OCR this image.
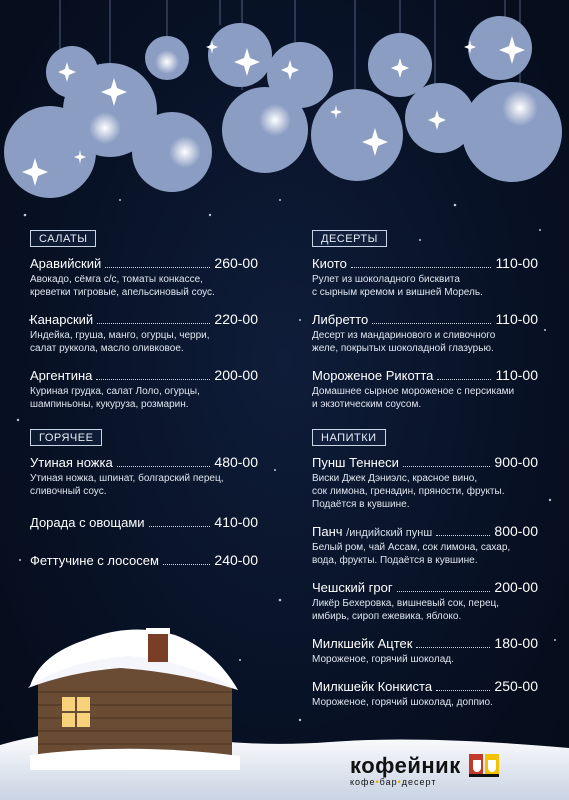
САЛАТЫ
Аравийский	260-00
Авокадо, сёмга с/с, томаты конкассе,
креветки тигровые, апельсиновый соус.
Канарский	220-00
Индейка, груша, манго, огурцы, черри,
салат руккола, масло оливковое.
Аргентина	200-00
Куриная грудка, салат Лоло, огурцы,
шампиньоны, кукуруза, розмарин.
ГОРЯЧЕЕ
Утиная ножка	480-00
Утиная ножка, шпинат, болгарский перец,
сливочный соус.
Дорада с овощами	410-00
Феттучине с лососем	240-00
ДЕСЕРТЫ
Киото	110-00
Рулет из шоколадного бисквита
с сырным кремом и вишней Морель.
Либретто	110-00
Десерт из мандаринового и сливочного
желе, покрытых шоколадной глазурью.
Мороженое Рикотта	110-00
Домашнее сырное мороженое с персиками
и экзотическим соусом.
НАПИТКИ
Пунш Теннеси	900-00
Виски Джек Дэниэлс, красное вино,
сок лимона, гренадин, пряности, фрукты.
Подаётся в кувшине.
Панч /индийский пунш	800-00
Белый ром, чай Ассам, сок лимона, сахар,
вода, фрукты. Подаётся в кувшине.
Чешский грог	200-00
Ликёр Бехеровка, вишневый сок, перец,
имбирь, сироп ежевика, яблоко.
Милкшейк Ацтек	180-00
Мороженое, горячий шоколад.
Милкшейк Конкиста	250-00
Мороженое, горячий шоколад, доппио.
кофейник
кофе•бар•десерт
